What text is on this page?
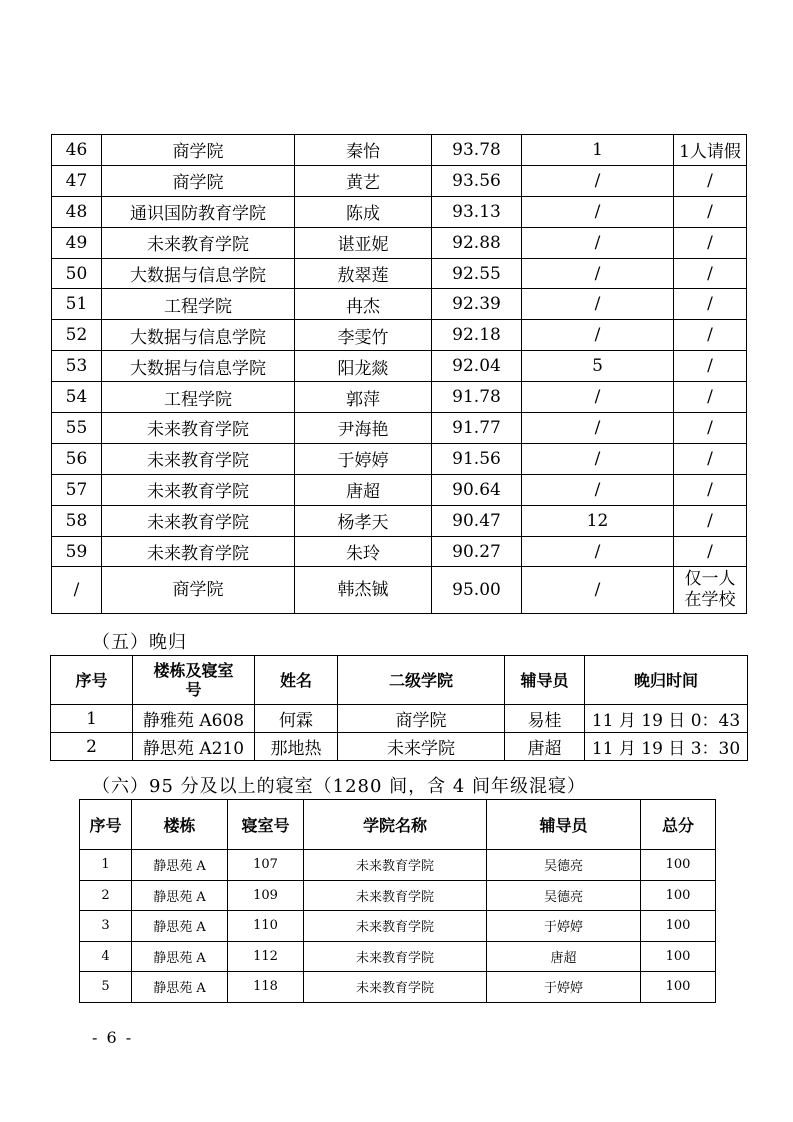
46	商学院	秦怡	93.78	1	1人请假
47	商学院	黄艺	93.56	/	/
48	通识国防教育学院	陈成	93.13	/	/
49	未来教育学院	谌亚妮	92.88	/	/
50	大数据与信息学院	敖翠莲	92.55	/	/
51	工程学院	冉杰	92.39	/	/
52	大数据与信息学院	李雯竹	92.18	/	/
53	大数据与信息学院	阳龙燚	92.04	5	/
54	工程学院	郭萍	91.78	/	/
55	未来教育学院	尹海艳	91.77	/	/
56	未来教育学院	于婷婷	91.56	/	/
57	未来教育学院	唐超	90.64	/	/
58	未来教育学院	杨孝天	90.47	12	/
59	未来教育学院	朱玲	90.27	/	/
/	商学院	韩杰铖	95.00	/	仅一人
在学校
（五）晚归
序号	楼栋及寝室
号	姓名	二级学院	辅导员	晚归时间
1	静雅苑 A608	何霖	商学院	易桂	11 月 19 日 0：43
2	静思苑 A210	那地热	未来学院	唐超	11 月 19 日 3：30
（六）95 分及以上的寝室（1280 间，含 4 间年级混寝）
序号	楼栋	寝室号	学院名称	辅导员	总分
1	静思苑 A	107	未来教育学院	吴德亮	100
2	静思苑 A	109	未来教育学院	吴德亮	100
3	静思苑 A	110	未来教育学院	于婷婷	100
4	静思苑 A	112	未来教育学院	唐超	100
5	静思苑 A	118	未来教育学院	于婷婷	100
- 6 -
